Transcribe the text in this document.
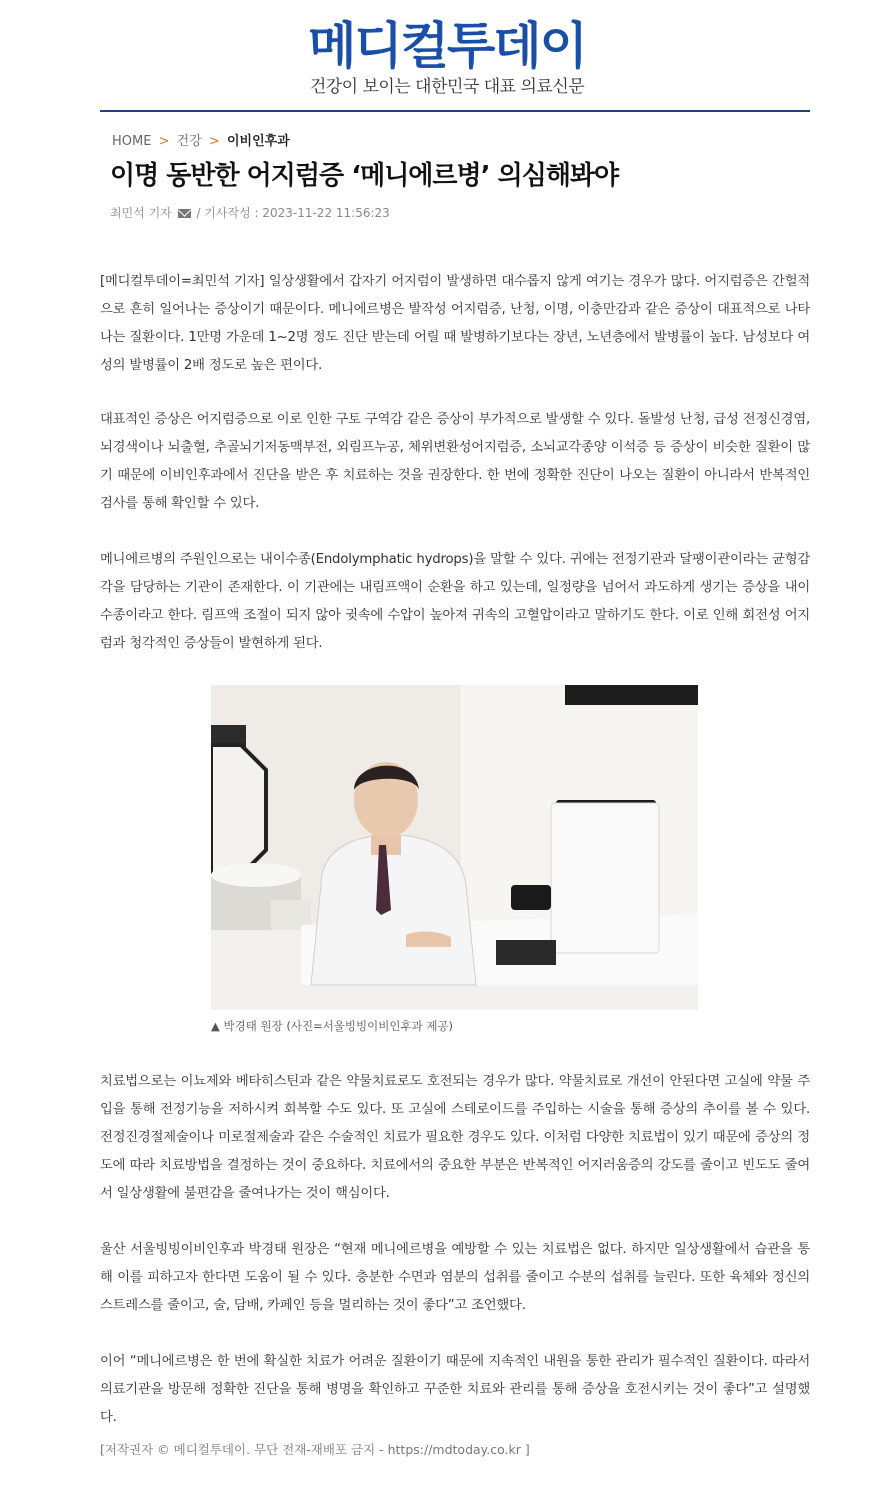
메디컬투데이
건강이 보이는 대한민국 대표 의료신문
HOME > 건강 > 이비인후과
이명 동반한 어지럼증 ‘메니에르병’ 의심해봐야
최민석 기자 / 기사작성 : 2023-11-22 11:56:23

[메디컬투데이=최민석 기자] 일상생활에서 갑자기 어지럼이 발생하면 대수롭지 않게 여기는 경우가 많다. 어지럼증은 간헐적으로 흔히 일어나는 증상이기 때문이다. 메니에르병은 발작성 어지럼증, 난청, 이명, 이충만감과 같은 증상이 대표적으로 나타나는 질환이다. 1만명 가운데 1~2명 정도 진단 받는데 어릴 때 발병하기보다는 장년, 노년층에서 발병률이 높다. 남성보다 여성의 발병률이 2배 정도로 높은 편이다.

대표적인 증상은 어지럼증으로 이로 인한 구토 구역감 같은 증상이 부가적으로 발생할 수 있다. 돌발성 난청, 급성 전정신경염, 뇌경색이나 뇌출혈, 추골뇌기저동맥부전, 외림프누공, 체위변환성어지럼증, 소뇌교각종양 이석증 등 증상이 비슷한 질환이 많기 때문에 이비인후과에서 진단을 받은 후 치료하는 것을 권장한다. 한 번에 정확한 진단이 나오는 질환이 아니라서 반복적인 검사를 통해 확인할 수 있다.

메니에르병의 주원인으로는 내이수종(Endolymphatic hydrops)을 말할 수 있다. 귀에는 전정기관과 달팽이관이라는 균형감각을 담당하는 기관이 존재한다. 이 기관에는 내림프액이 순환을 하고 있는데, 일정량을 넘어서 과도하게 생기는 증상을 내이수종이라고 한다. 림프액 조절이 되지 않아 귓속에 수압이 높아져 귀속의 고혈압이라고 말하기도 한다. 이로 인해 회전성 어지럼과 청각적인 증상들이 발현하게 된다.

▲ 박경태 원장 (사진=서울빙빙이비인후과 제공)

치료법으로는 이뇨제와 베타히스틴과 같은 약물치료로도 호전되는 경우가 많다. 약물치료로 개선이 안된다면 고실에 약물 주입을 통해 전정기능을 저하시켜 회복할 수도 있다. 또 고실에 스테로이드를 주입하는 시술을 통해 증상의 추이를 볼 수 있다. 전정진경절제술이나 미로절제술과 같은 수술적인 치료가 필요한 경우도 있다. 이처럼 다양한 치료법이 있기 때문에 증상의 정도에 따라 치료방법을 결정하는 것이 중요하다. 치료에서의 중요한 부분은 반복적인 어지러움증의 강도를 줄이고 빈도도 줄여서 일상생활에 불편감을 줄여나가는 것이 핵심이다.

울산 서울빙빙이비인후과 박경태 원장은 “현재 메니에르병을 예방할 수 있는 치료법은 없다. 하지만 일상생활에서 습관을 통해 이를 피하고자 한다면 도움이 될 수 있다. 충분한 수면과 염분의 섭취를 줄이고 수분의 섭취를 늘린다. 또한 육체와 정신의 스트레스를 줄이고, 술, 담배, 카페인 등을 멀리하는 것이 좋다”고 조언했다.

이어 “메니에르병은 한 번에 확실한 치료가 어려운 질환이기 때문에 지속적인 내원을 통한 관리가 필수적인 질환이다. 따라서 의료기관을 방문해 정확한 진단을 통해 병명을 확인하고 꾸준한 치료와 관리를 통해 증상을 호전시키는 것이 좋다”고 설명했다.

[저작권자 © 메디컬투데이. 무단 전재-재배포 금지 - https://mdtoday.co.kr ]
